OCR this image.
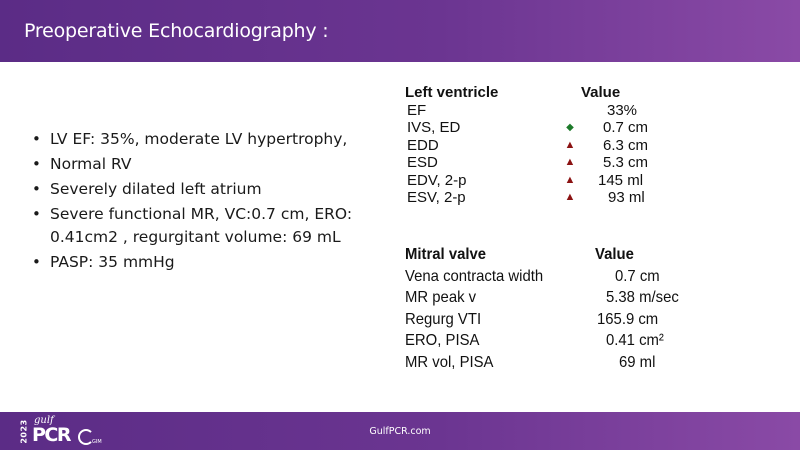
Preoperative Echocardiography :
• LV EF: 35%, moderate LV hypertrophy,
• Normal RV
• Severely dilated left atrium
• Severe functional MR, VC:0.7 cm, ERO:
0.41cm2 , regurgitant volume: 69 mL
• PASP: 35 mmHg
Left ventricle	Value
EF	33%
IVS, ED	◆ 0.7 cm
EDD	▲ 6.3 cm
ESD	▲ 5.3 cm
EDV, 2-p	▲ 145 ml
ESV, 2-p	▲ 93 ml
Mitral valve	Value
Vena contracta width	0.7 cm
MR peak v	5.38 m/sec
Regurg VTI	165.9 cm
ERO, PISA	0.41 cm²
MR vol, PISA	69 ml
2023 gulf
PCR	GIM
GulfPCR.com
